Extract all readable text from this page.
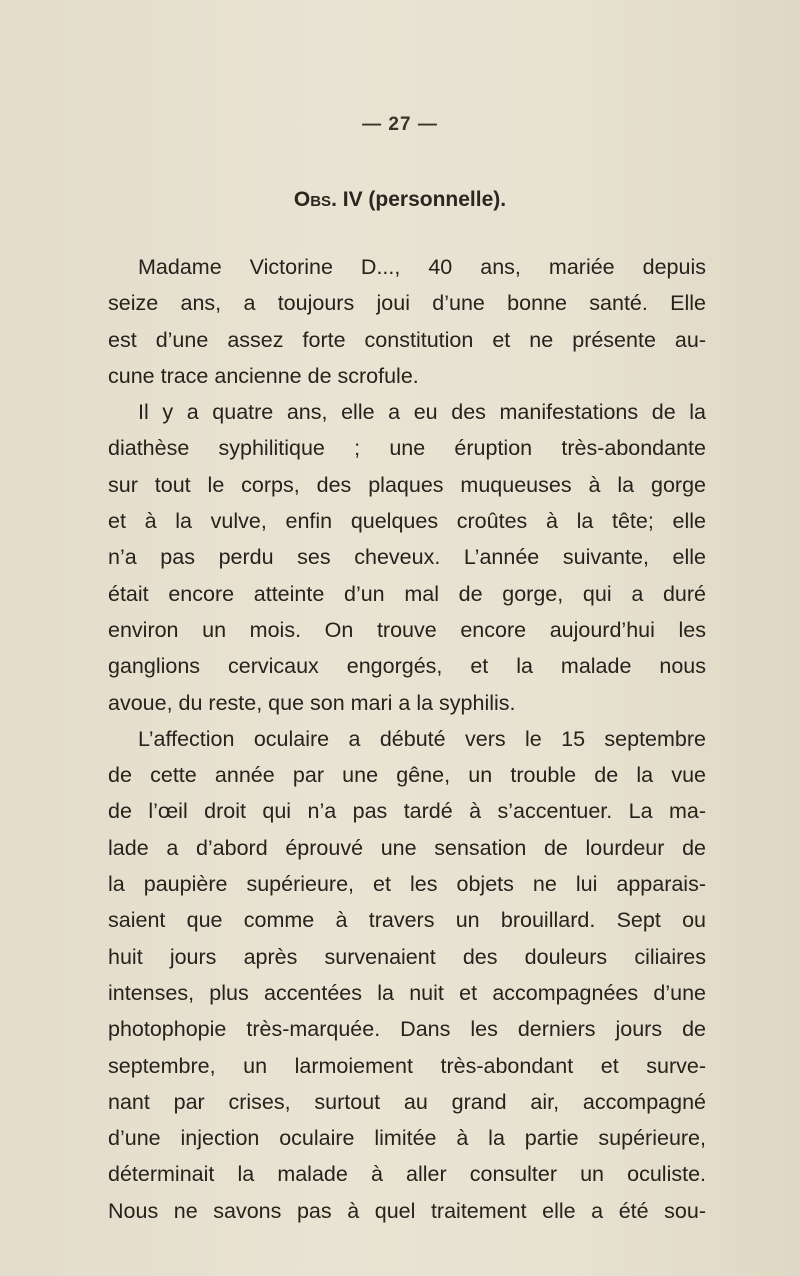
— 27 —
Obs. IV (personnelle).
Madame Victorine D..., 40 ans, mariée depuis
seize ans, a toujours joui d’une bonne santé. Elle
est d’une assez forte constitution et ne présente au-
cune trace ancienne de scrofule.
Il y a quatre ans, elle a eu des manifestations de la
diathèse syphilitique ; une éruption très-abondante
sur tout le corps, des plaques muqueuses à la gorge
et à la vulve, enfin quelques croûtes à la tête; elle
n’a pas perdu ses cheveux. L’année suivante, elle
était encore atteinte d’un mal de gorge, qui a duré
environ un mois. On trouve encore aujourd’hui les
ganglions cervicaux engorgés, et la malade nous
avoue, du reste, que son mari a la syphilis.
L’affection oculaire a débuté vers le 15 septembre
de cette année par une gêne, un trouble de la vue
de l’œil droit qui n’a pas tardé à s’accentuer. La ma-
lade a d’abord éprouvé une sensation de lourdeur de
la paupière supérieure, et les objets ne lui apparais-
saient que comme à travers un brouillard. Sept ou
huit jours après survenaient des douleurs ciliaires
intenses, plus accentées la nuit et accompagnées d’une
photophopie très-marquée. Dans les derniers jours de
septembre, un larmoiement très-abondant et surve-
nant par crises, surtout au grand air, accompagné
d’une injection oculaire limitée à la partie supérieure,
déterminait la malade à aller consulter un oculiste.
Nous ne savons pas à quel traitement elle a été sou-
